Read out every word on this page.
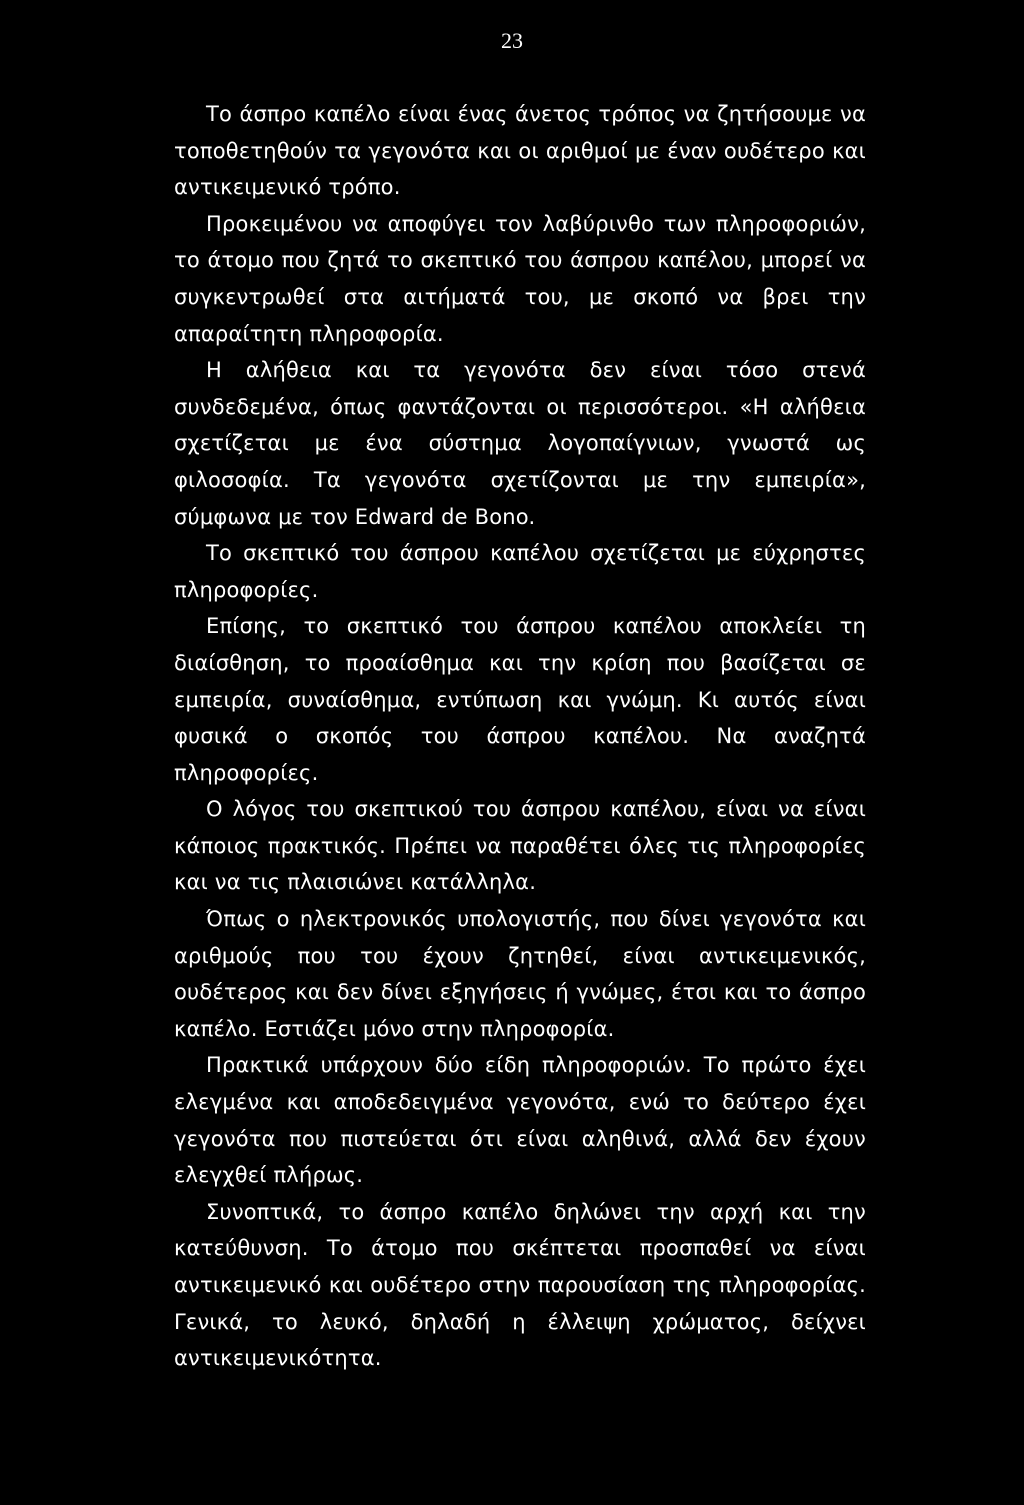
23

Το άσπρο καπέλο είναι ένας άνετος τρόπος να ζητήσουμε να τοποθετηθούν τα γεγονότα και οι αριθμοί με έναν ουδέτερο και αντικειμενικό τρόπο.

Προκειμένου να αποφύγει τον λαβύρινθο των πληροφοριών, το άτομο που ζητά το σκεπτικό του άσπρου καπέλου, μπορεί να συγκεντρωθεί στα αιτήματά του, με σκοπό να βρει την απαραίτητη πληροφορία.

Η αλήθεια και τα γεγονότα δεν είναι τόσο στενά συνδεδεμένα, όπως φαντάζονται οι περισσότεροι. «Η αλήθεια σχετίζεται με ένα σύστημα λογοπαίγνιων, γνωστά ως φιλοσοφία. Τα γεγονότα σχετίζονται με την εμπειρία», σύμφωνα με τον Edward de Bono.

Το σκεπτικό του άσπρου καπέλου σχετίζεται με εύχρηστες πληροφορίες.

Επίσης, το σκεπτικό του άσπρου καπέλου αποκλείει τη διαίσθηση, το προαίσθημα και την κρίση που βασίζεται σε εμπειρία, συναίσθημα, εντύπωση και γνώμη. Κι αυτός είναι φυσικά ο σκοπός του άσπρου καπέλου. Να αναζητά πληροφορίες.

Ο λόγος του σκεπτικού του άσπρου καπέλου, είναι να είναι κάποιος πρακτικός. Πρέπει να παραθέτει όλες τις πληροφορίες και να τις πλαισιώνει κατάλληλα.

Όπως ο ηλεκτρονικός υπολογιστής, που δίνει γεγονότα και αριθμούς που του έχουν ζητηθεί, είναι αντικειμενικός, ουδέτερος και δεν δίνει εξηγήσεις ή γνώμες, έτσι και το άσπρο καπέλο. Εστιάζει μόνο στην πληροφορία.

Πρακτικά υπάρχουν δύο είδη πληροφοριών. Το πρώτο έχει ελεγμένα και αποδεδειγμένα γεγονότα, ενώ το δεύτερο έχει γεγονότα που πιστεύεται ότι είναι αληθινά, αλλά δεν έχουν ελεγχθεί πλήρως.

Συνοπτικά, το άσπρο καπέλο δηλώνει την αρχή και την κατεύθυνση. Το άτομο που σκέπτεται προσπαθεί να είναι αντικειμενικό και ουδέτερο στην παρουσίαση της πληροφορίας. Γενικά, το λευκό, δηλαδή η έλλειψη χρώματος, δείχνει αντικειμενικότητα.
